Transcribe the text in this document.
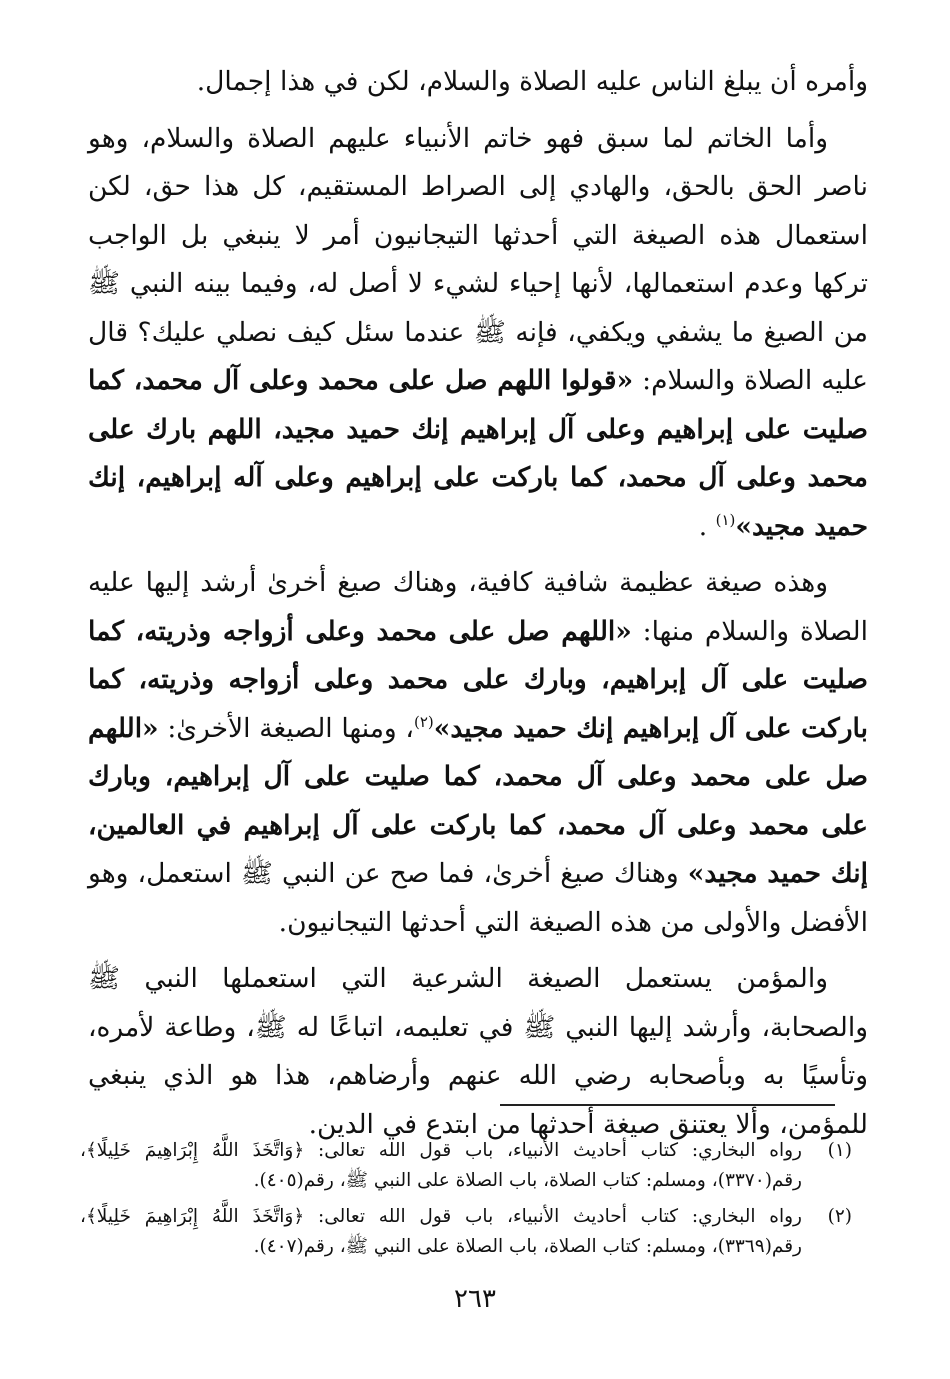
وأمره أن يبلغ الناس عليه الصلاة والسلام، لكن في هذا إجمال.

وأما الخاتم لما سبق فهو خاتم الأنبياء عليهم الصلاة والسلام، وهو ناصر الحق بالحق، والهادي إلى الصراط المستقيم، كل هذا حق، لكن استعمال هذه الصيغة التي أحدثها التيجانيون أمر لا ينبغي بل الواجب تركها وعدم استعمالها، لأنها إحياء لشيء لا أصل له، وفيما بينه النبي ﷺ من الصيغ ما يشفي ويكفي، فإنه ﷺ عندما سئل كيف نصلي عليك؟ قال عليه الصلاة والسلام: «قولوا اللهم صل على محمد وعلى آل محمد، كما صليت على إبراهيم وعلى آل إبراهيم إنك حميد مجيد، اللهم بارك على محمد وعلى آل محمد، كما باركت على إبراهيم وعلى آله إبراهيم، إنك حميد مجيد»$^{(١)}$ .

وهذه صيغة عظيمة شافية كافية، وهناك صيغ أخرىٰ أرشد إليها عليه الصلاة والسلام منها: «اللهم صل على محمد وعلى أزواجه وذريته، كما صليت على آل إبراهيم، وبارك على محمد وعلى أزواجه وذريته، كما باركت على آل إبراهيم إنك حميد مجيد»$^{(٢)}$، ومنها الصيغة الأخرىٰ: «اللهم صل على محمد وعلى آل محمد، كما صليت على آل إبراهيم، وبارك على محمد وعلى آل محمد، كما باركت على آل إبراهيم في العالمين، إنك حميد مجيد» وهناك صيغ أخرىٰ، فما صح عن النبي ﷺ استعمل، وهو الأفضل والأولى من هذه الصيغة التي أحدثها التيجانيون.

والمؤمن يستعمل الصيغة الشرعية التي استعملها النبي ﷺ والصحابة، وأرشد إليها النبي ﷺ في تعليمه، اتباعًا له ﷺ، وطاعة لأمره، وتأسيًا به وبأصحابه رضي الله عنهم وأرضاهم، هذا هو الذي ينبغي للمؤمن، وألا يعتنق صيغة أحدثها من ابتدع في الدين.

(١)
رواه البخاري: كتاب أحاديث الأنبياء، باب قول الله تعالى: ﴿وَاتَّخَذَ اللَّهُ إِبْرَاهِيمَ خَلِيلًا﴾، رقم(٣٣٧٠)، ومسلم: كتاب الصلاة، باب الصلاة على النبي ﷺ، رقم(٤٠٥).
(٢)
رواه البخاري: كتاب أحاديث الأنبياء، باب قول الله تعالى: ﴿وَاتَّخَذَ اللَّهُ إِبْرَاهِيمَ خَلِيلًا﴾، رقم(٣٣٦٩)، ومسلم: كتاب الصلاة، باب الصلاة على النبي ﷺ، رقم(٤٠٧).
٢٦٣
